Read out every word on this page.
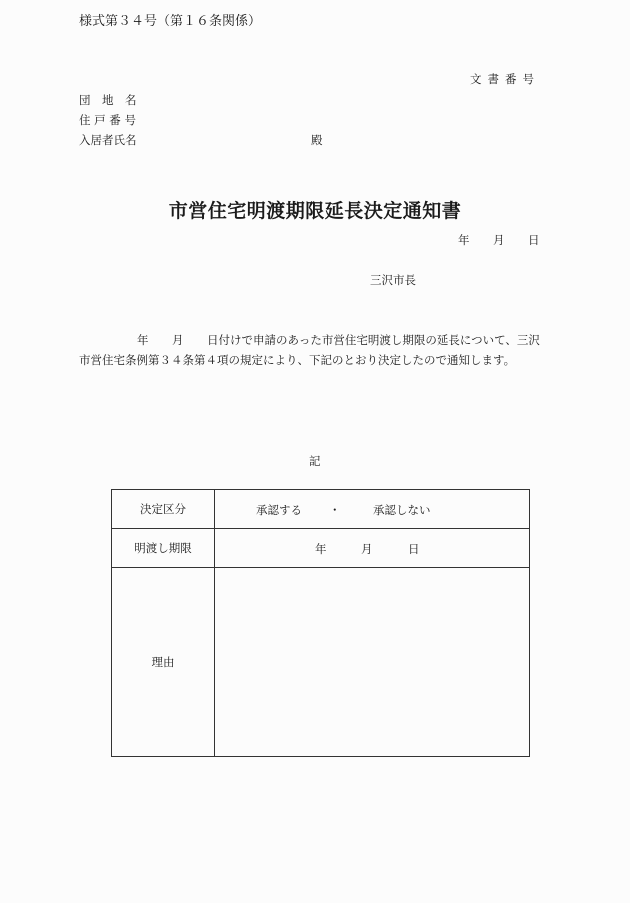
様式第３４号（第１６条関係）
文書番号
団　地　名
住 戸 番 号
入居者氏名	殿
市営住宅明渡期限延長決定通知書
年 月 日
三沢市長
年 月 日付けで申請のあった市営住宅明渡し期限の延長について、三沢
市営住宅条例第３４条第４項の規定により、下記のとおり決定したので通知します。
記
決定区分	承認する ・ 承認しない

明渡し期限	年 月 日

理由	
